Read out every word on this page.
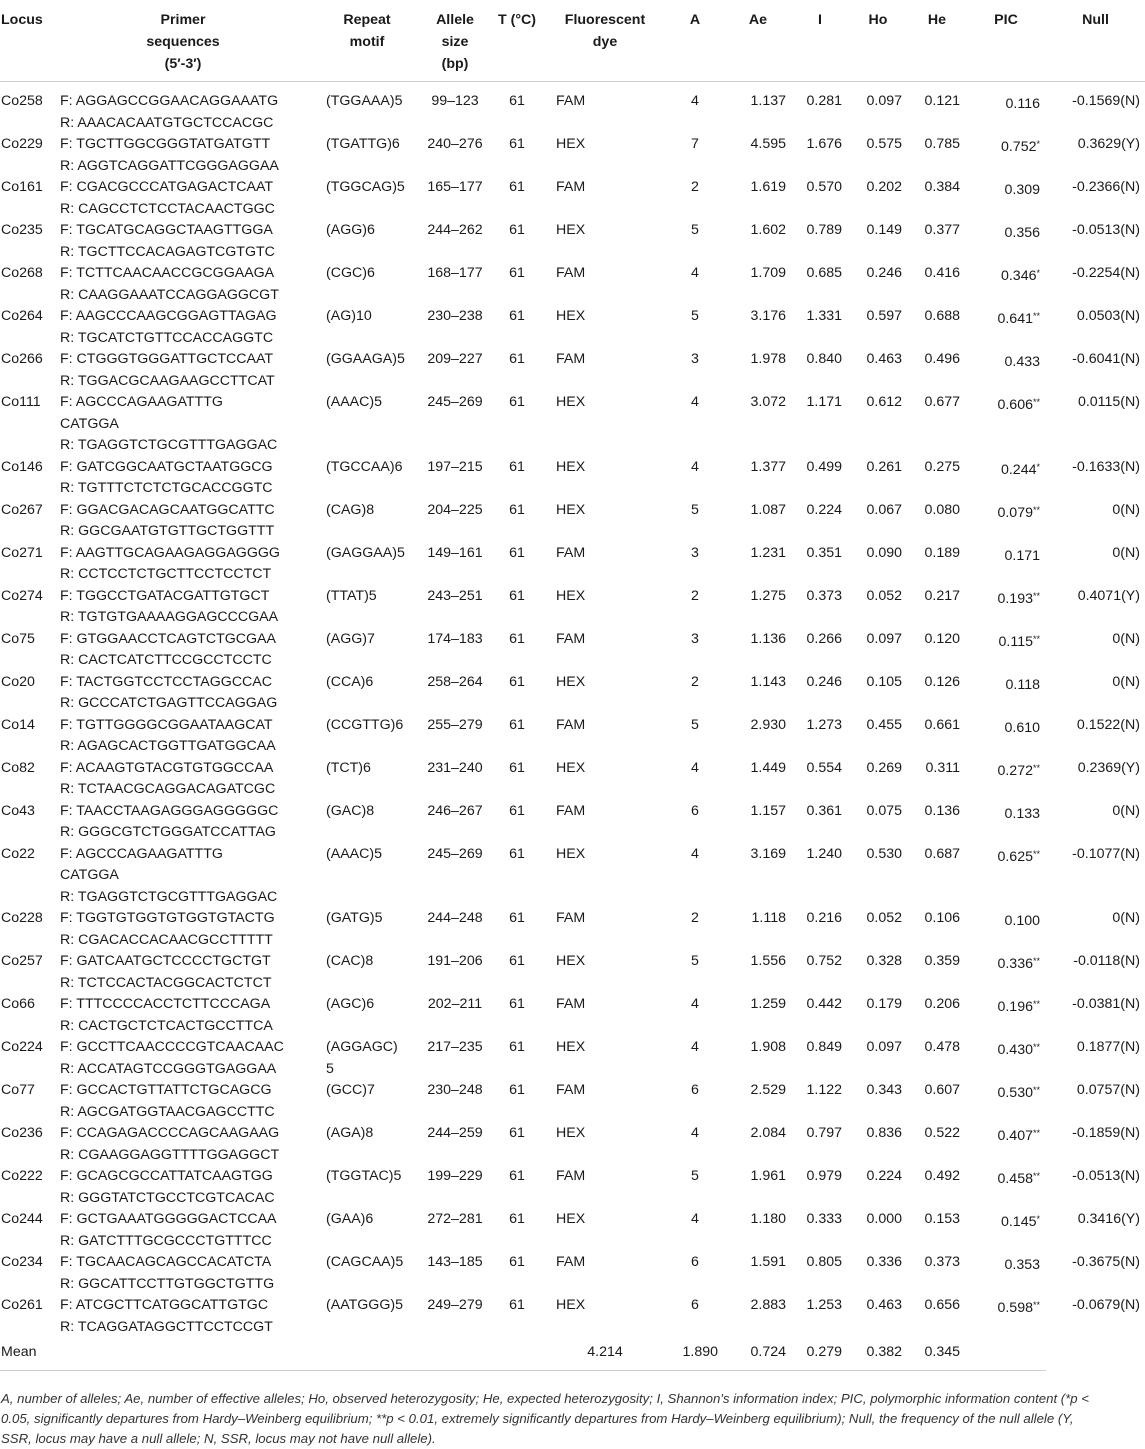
Locus	Primer
sequences
(5′-3′)	Repeat
motif	Allele
size
(bp)	T (°C)	Fluorescent
dye	A	Ae	I	Ho	He	PIC	Null
Co258	F: AGGAGCCGGAACAGGAAATG
R: AAACACAATGTGCTCCACGC	(TGGAAA)5	99–123	61	FAM	4	1.137	0.281	0.097	0.121	0.116	-0.1569(N)
Co229	F: TGCTTGGCGGGTATGATGTT
R: AGGTCAGGATTCGGGAGGAA	(TGATTG)6	240–276	61	HEX	7	4.595	1.676	0.575	0.785	0.752*	0.3629(Y)
Co161	F: CGACGCCCATGAGACTCAAT
R: CAGCCTCTCCTACAACTGGC	(TGGCAG)5	165–177	61	FAM	2	1.619	0.570	0.202	0.384	0.309	-0.2366(N)
Co235	F: TGCATGCAGGCTAAGTTGGA
R: TGCTTCCACAGAGTCGTGTC	(AGG)6	244–262	61	HEX	5	1.602	0.789	0.149	0.377	0.356	-0.0513(N)
Co268	F: TCTTCAACAACCGCGGAAGA
R: CAAGGAAATCCAGGAGGCGT	(CGC)6	168–177	61	FAM	4	1.709	0.685	0.246	0.416	0.346*	-0.2254(N)
Co264	F: AAGCCCAAGCGGAGTTAGAG
R: TGCATCTGTTCCACCAGGTC	(AG)10	230–238	61	HEX	5	3.176	1.331	0.597	0.688	0.641**	0.0503(N)
Co266	F: CTGGGTGGGATTGCTCCAAT
R: TGGACGCAAGAAGCCTTCAT	(GGAAGA)5	209–227	61	FAM	3	1.978	0.840	0.463	0.496	0.433	-0.6041(N)
Co111	F: AGCCCAGAAGATTTG
CATGGA
R: TGAGGTCTGCGTTTGAGGAC	(AAAC)5	245–269	61	HEX	4	3.072	1.171	0.612	0.677	0.606**	0.0115(N)
Co146	F: GATCGGCAATGCTAATGGCG
R: TGTTTCTCTCTGCACCGGTC	(TGCCAA)6	197–215	61	HEX	4	1.377	0.499	0.261	0.275	0.244*	-0.1633(N)
Co267	F: GGACGACAGCAATGGCATTC
R: GGCGAATGTGTTGCTGGTTT	(CAG)8	204–225	61	HEX	5	1.087	0.224	0.067	0.080	0.079**	0(N)
Co271	F: AAGTTGCAGAAGAGGAGGGG
R: CCTCCTCTGCTTCCTCCTCT	(GAGGAA)5	149–161	61	FAM	3	1.231	0.351	0.090	0.189	0.171	0(N)
Co274	F: TGGCCTGATACGATTGTGCT
R: TGTGTGAAAAGGAGCCCGAA	(TTAT)5	243–251	61	HEX	2	1.275	0.373	0.052	0.217	0.193**	0.4071(Y)
Co75	F: GTGGAACCTCAGTCTGCGAA
R: CACTCATCTTCCGCCTCCTC	(AGG)7	174–183	61	FAM	3	1.136	0.266	0.097	0.120	0.115**	0(N)
Co20	F: TACTGGTCCTCCTAGGCCAC
R: GCCCATCTGAGTTCCAGGAG	(CCA)6	258–264	61	HEX	2	1.143	0.246	0.105	0.126	0.118	0(N)
Co14	F: TGTTGGGGCGGAATAAGCAT
R: AGAGCACTGGTTGATGGCAA	(CCGTTG)6	255–279	61	FAM	5	2.930	1.273	0.455	0.661	0.610	0.1522(N)
Co82	F: ACAAGTGTACGTGTGGCCAA
R: TCTAACGCAGGACAGATCGC	(TCT)6	231–240	61	HEX	4	1.449	0.554	0.269	0.311	0.272**	0.2369(Y)
Co43	F: TAACCTAAGAGGGAGGGGGC
R: GGGCGTCTGGGATCCATTAG	(GAC)8	246–267	61	FAM	6	1.157	0.361	0.075	0.136	0.133	0(N)
Co22	F: AGCCCAGAAGATTTG
CATGGA
R: TGAGGTCTGCGTTTGAGGAC	(AAAC)5	245–269	61	HEX	4	3.169	1.240	0.530	0.687	0.625**	-0.1077(N)
Co228	F: TGGTGTGGTGTGGTGTACTG
R: CGACACCACAACGCCTTTTT	(GATG)5	244–248	61	FAM	2	1.118	0.216	0.052	0.106	0.100	0(N)
Co257	F: GATCAATGCTCCCCTGCTGT
R: TCTCCACTACGGCACTCTCT	(CAC)8	191–206	61	HEX	5	1.556	0.752	0.328	0.359	0.336**	-0.0118(N)
Co66	F: TTTCCCCACCTCTTCCCAGA
R: CACTGCTCTCACTGCCTTCA	(AGC)6	202–211	61	FAM	4	1.259	0.442	0.179	0.206	0.196**	-0.0381(N)
Co224	F: GCCTTCAACCCCGTCAACAAC
R: ACCATAGTCCGGGTGAGGAA	(AGGAGC)
5	217–235	61	HEX	4	1.908	0.849	0.097	0.478	0.430**	0.1877(N)
Co77	F: GCCACTGTTATTCTGCAGCG
R: AGCGATGGTAACGAGCCTTC	(GCC)7	230–248	61	FAM	6	2.529	1.122	0.343	0.607	0.530**	0.0757(N)
Co236	F: CCAGAGACCCCAGCAAGAAG
R: CGAAGGAGGTTTTGGAGGCT	(AGA)8	244–259	61	HEX	4	2.084	0.797	0.836	0.522	0.407**	-0.1859(N)
Co222	F: GCAGCGCCATTATCAAGTGG
R: GGGTATCTGCCTCGTCACAC	(TGGTAC)5	199–229	61	FAM	5	1.961	0.979	0.224	0.492	0.458**	-0.0513(N)
Co244	F: GCTGAAATGGGGGACTCCAA
R: GATCTTTGCGCCCTGTTTCC	(GAA)6	272–281	61	HEX	4	1.180	0.333	0.000	0.153	0.145*	0.3416(Y)
Co234	F: TGCAACAGCAGCCACATCTA
R: GGCATTCCTTGTGGCTGTTG	(CAGCAA)5	143–185	61	FAM	6	1.591	0.805	0.336	0.373	0.353	-0.3675(N)
Co261	F: ATCGCTTCATGGCATTGTGC
R: TCAGGATAGGCTTCCTCCGT	(AATGGG)5	249–279	61	HEX	6	2.883	1.253	0.463	0.656	0.598**	-0.0679(N)
Mean					4.214	1.890	0.724	0.279	0.382	0.345		
A, number of alleles; Ae, number of effective alleles; Ho, observed heterozygosity; He, expected heterozygosity; I, Shannon's information index; PIC, polymorphic information content (*p <
0.05, significantly departures from Hardy–Weinberg equilibrium; **p < 0.01, extremely significantly departures from Hardy–Weinberg equilibrium); Null, the frequency of the null allele (Y,
SSR, locus may have a null allele; N, SSR, locus may not have null allele).
